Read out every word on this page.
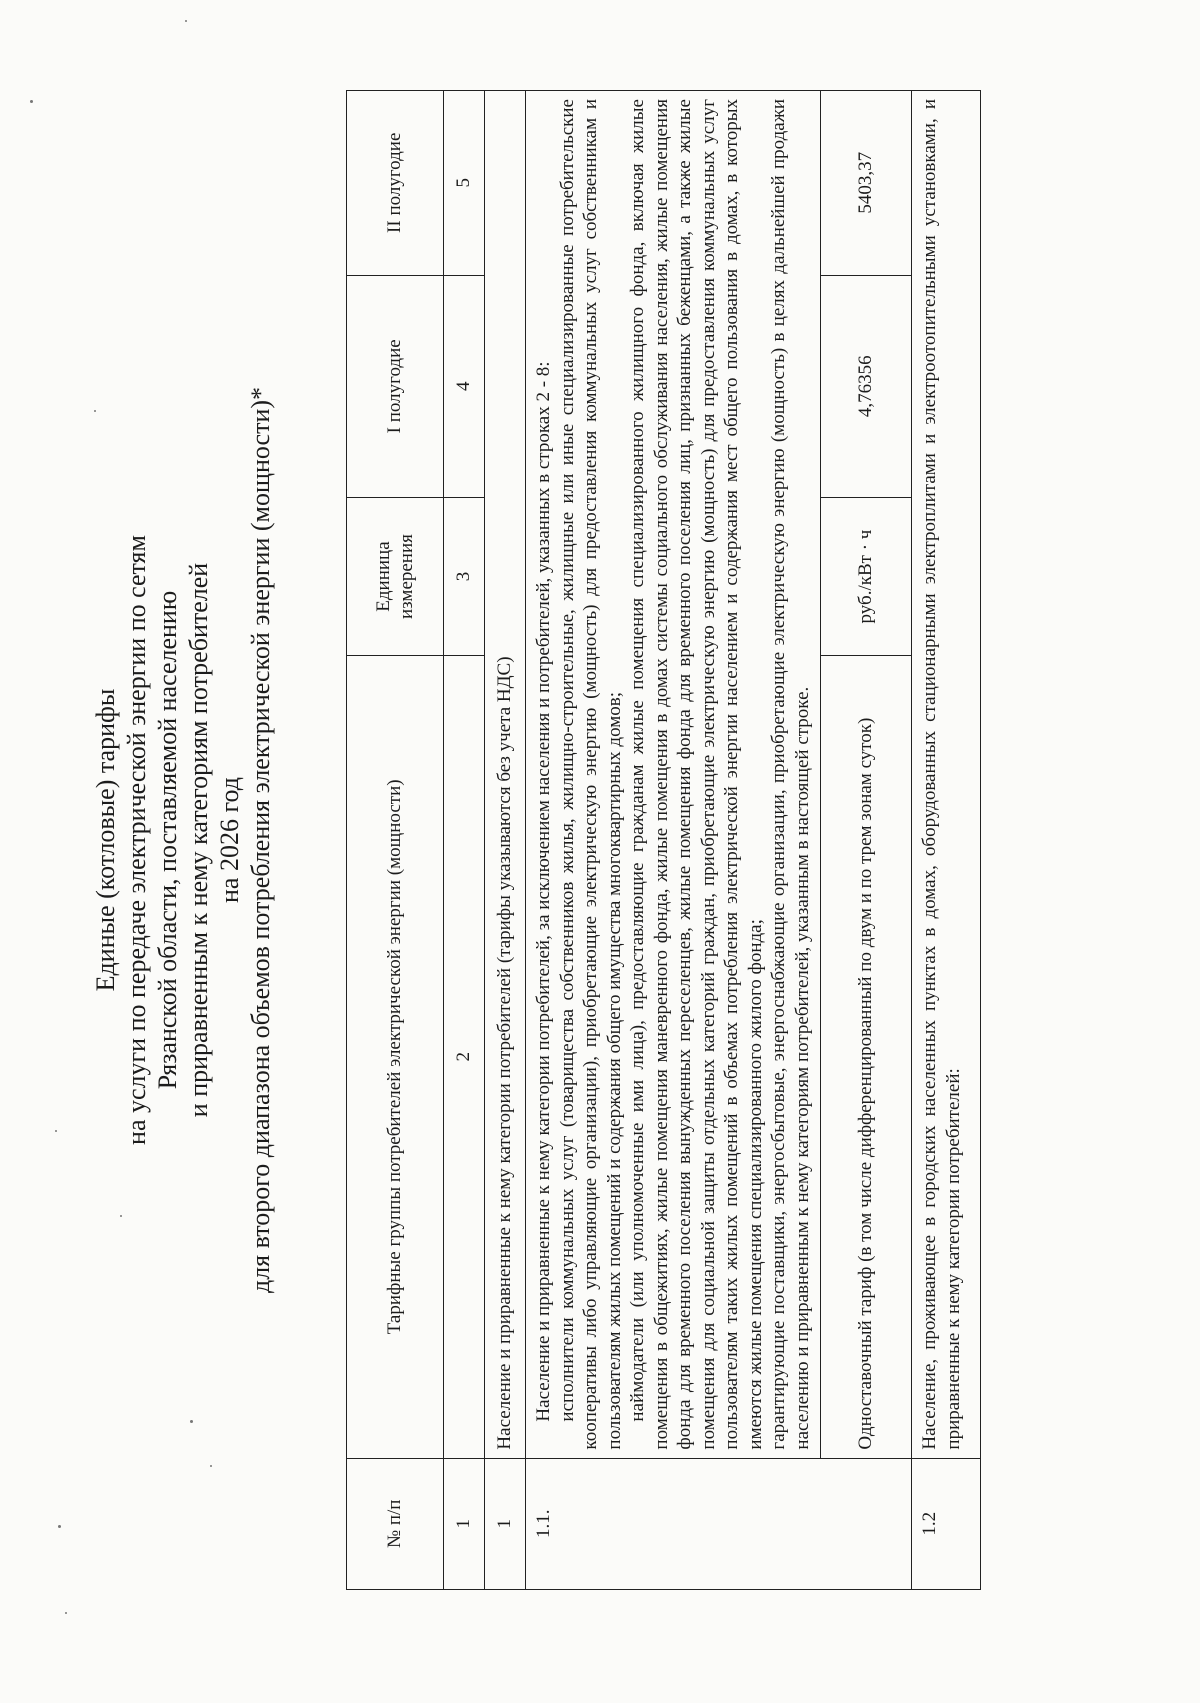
Единые (котловые) тарифы на услуги по передаче электрической энергии по сетям Рязанской области, поставляемой населению и приравненным к нему категориям потребителей на 2026 год для второго диапазона объемов потребления электрической энергии (мощности)*
№ п/п	Тарифные группы потребителей электрической энергии (мощности)	Единица измерения	I полугодие	II полугодие
1	2	3	4	5
1	Население и приравненные к нему категории потребителей (тарифы указываются без учета НДС)			
1.1.	Население и приравненные к нему категории потребителей, за исключением населения и потребителей, указанных в строках 2 - 8: исполнители коммунальных услуг (товарищества собственников жилья, жилищно-строительные, жилищные или иные специализированные потребительские кооперативы либо управляющие организации), приобретающие электрическую энергию (мощность) для предоставления коммунальных услуг собственникам и пользователям жилых помещений и содержания общего имущества многоквартирных домов; наймодатели (или уполномоченные ими лица), предоставляющие гражданам жилые помещения специализированного жилищного фонда, включая жилые помещения в общежитиях, жилые помещения маневренного фонда, жилые помещения в домах системы социального обслуживания населения, жилые помещения фонда для временного поселения вынужденных переселенцев, жилые помещения фонда для временного поселения лиц, признанных беженцами, а также жилые помещения для социальной защиты отдельных категорий граждан, приобретающие электрическую энергию (мощность) для предоставления коммунальных услуг пользователям таких жилых помещений в объемах потребления электрической энергии населением и содержания мест общего пользования в домах, в которых имеются жилые помещения специализированного жилого фонда; гарантирующие поставщики, энергосбытовые, энергоснабжающие организации, приобретающие электрическую энергию (мощность) в целях дальнейшей продажи населению и приравненным к нему категориям потребителей, указанным в настоящей строке.			

	Одноставочный тариф (в том числе дифференцированный по двум и по трем зонам суток)	руб./кВт · ч	4,76356	5403,37
1.2	Население, проживающее в городских населенных пунктах в домах, оборудованных стационарными электроплитами и электроотопительными установками, и приравненные к нему категории потребителей:			
